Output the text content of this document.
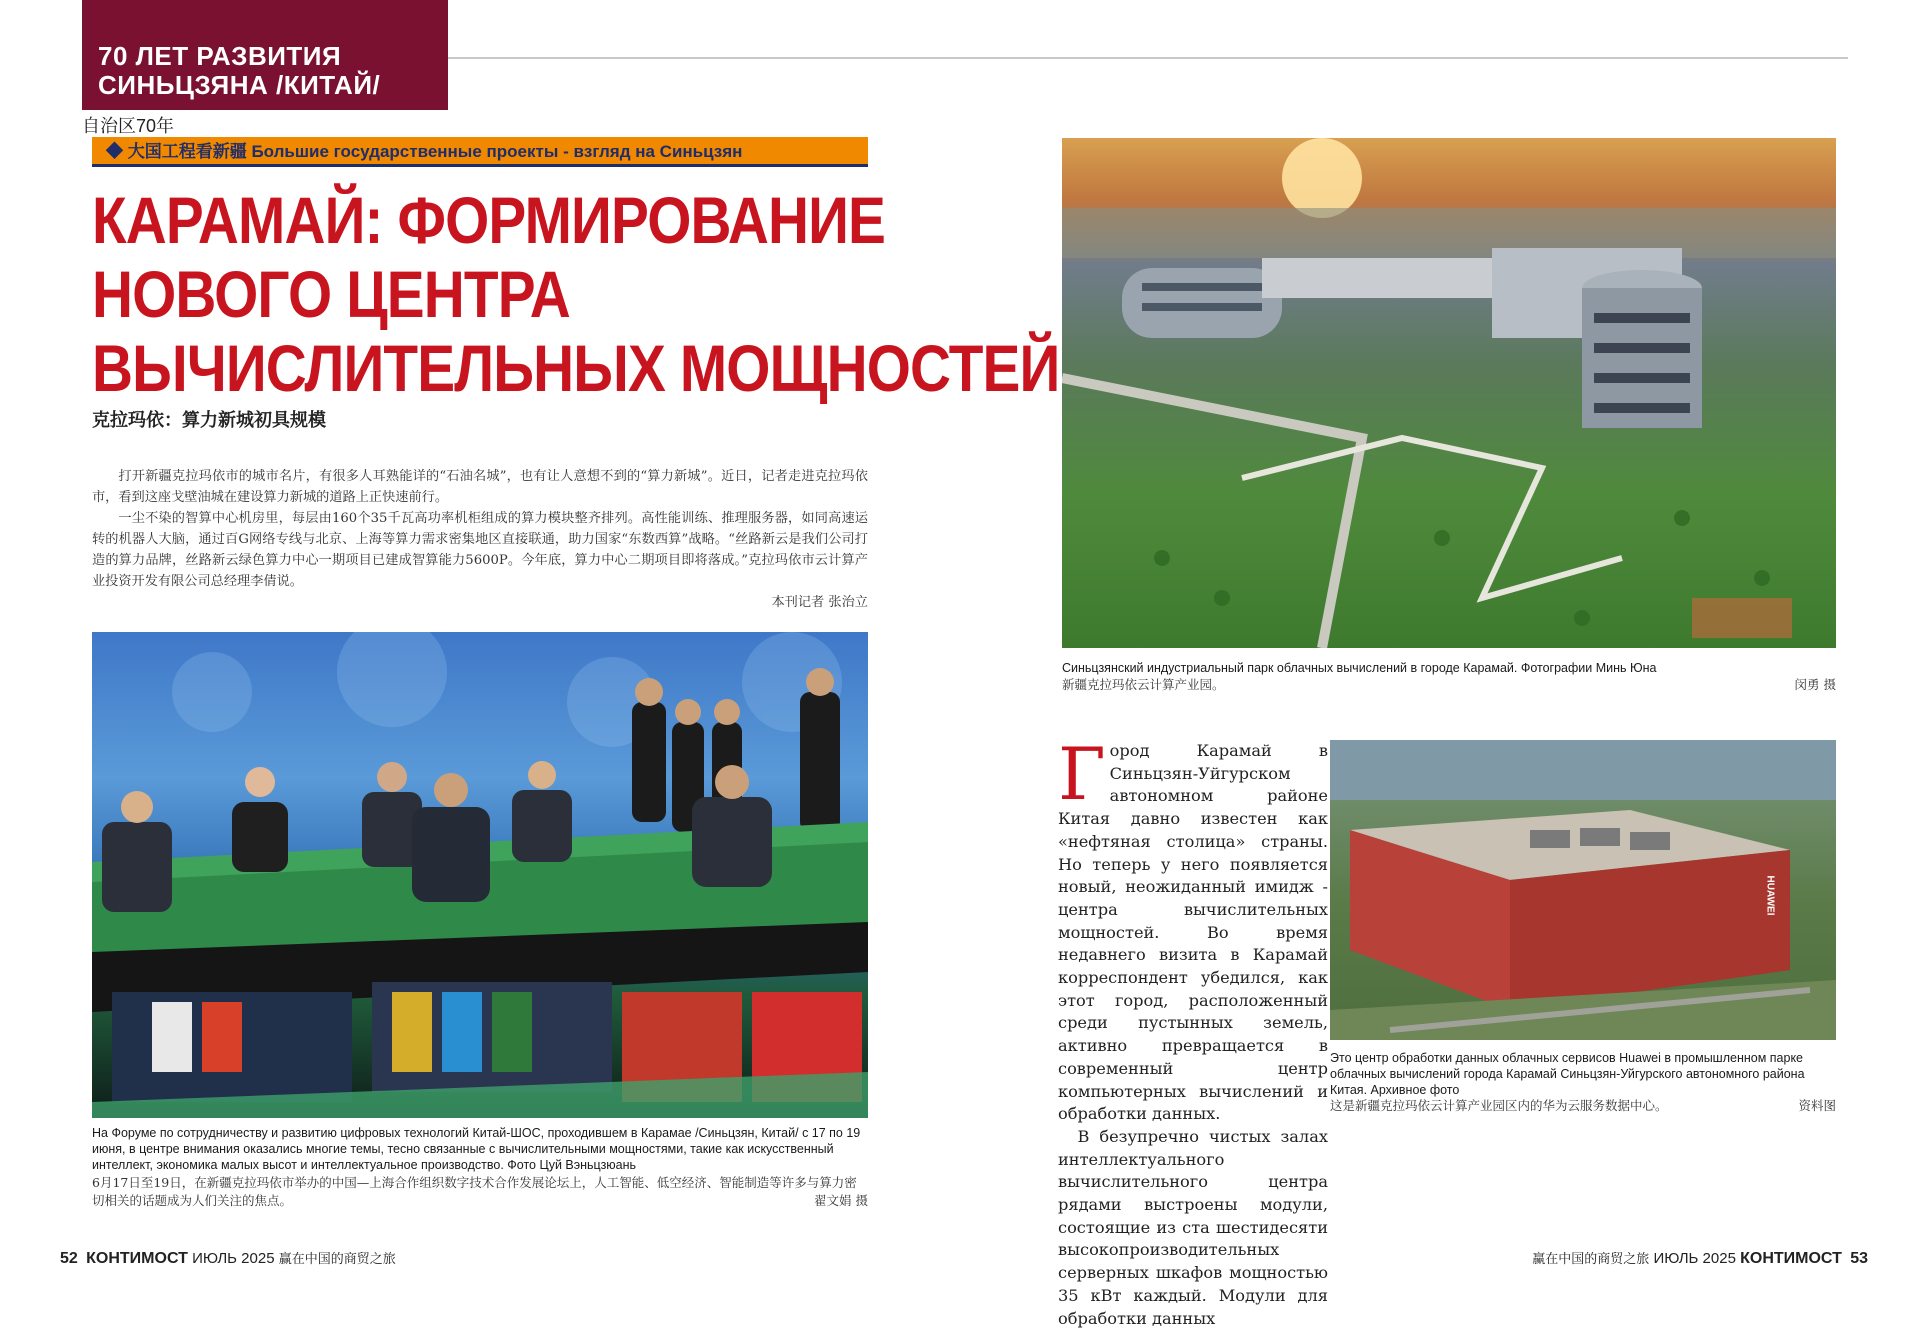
70 ЛЕТ РАЗВИТИЯ
СИНЬЦЗЯНА /КИТАЙ/
自治区70年
◆ 大国工程看新疆 Большие государственные проекты - взгляд на Синьцзян
КАРАМАЙ: ФОРМИРОВАНИЕ
НОВОГО ЦЕНТРА
ВЫЧИСЛИТЕЛЬНЫХ МОЩНОСТЕЙ
克拉玛依：算力新城初具规模

打开新疆克拉玛依市的城市名片，有很多人耳熟能详的“石油名城”，也有让人意想不到的“算力新城”。近日，记者走进克拉玛依市，看到这座戈壁油城在建设算力新城的道路上正快速前行。

一尘不染的智算中心机房里，每层由160个35千瓦高功率机柜组成的算力模块整齐排列。高性能训练、推理服务器，如同高速运转的机器人大脑，通过百G网络专线与北京、上海等算力需求密集地区直接联通，助力国家“东数西算”战略。“丝路新云是我们公司打造的算力品牌，丝路新云绿色算力中心一期项目已建成智算能力5600P。今年底，算力中心二期项目即将落成。”克拉玛依市云计算产业投资开发有限公司总经理李倩说。

本刊记者 张治立

На Форуме по сотрудничеству и развитию цифровых технологий Китай-ШОС, проходившем в Карамае /Синьцзян, Китай/ с 17 по 19 июня, в центре внимания оказались многие темы, тесно связанные с вычислительными мощностями, такие как искусственный интеллект, экономика малых высот и интеллектуальное производство. Фото Цуй Вэньцзюань
6月17日至19日，在新疆克拉玛依市举办的中国—上海合作组织数字技术合作发展论坛上，人工智能、低空经济、智能制造等许多与算力密切相关的话题成为人们关注的焦点。	翟文娟 摄
Синьцзянский индустриальный парк облачных вычислений в городе Карамай. Фотографии Минь Юна
新疆克拉玛依云计算产业园。	闵勇 摄

Город Карамай в Синьцзян-Уйгурском автономном районе Китая давно известен как «нефтяная столица» страны. Но теперь у него появляется новый, неожиданный имидж - центра вычислительных мощностей. Во время недавнего визита в Карамай корреспондент убедился, как этот город, расположенный среди пустынных земель, активно превращается в современный центр компьютерных вычислений и обработки данных.

В безупречно чистых залах интеллектуального вычислительного центра рядами выстроены модули, состоящие из ста шестидесяти высокопроизводительных серверных шкафов мощностью 35 кВт каждый. Модули для обработки данных

HUAWEI
Это центр обработки данных облачных сервисов Huawei в промышленном парке облачных вычислений города Карамай Синьцзян-Уйгурского автономного района Китая. Архивное фото
这是新疆克拉玛依云计算产业园区内的华为云服务数据中心。	资料图
52 КОНТИМОСТ ИЮЛЬ 2025 赢在中国的商贸之旅	赢在中国的商贸之旅 ИЮЛЬ 2025 КОНТИМОСТ 53
